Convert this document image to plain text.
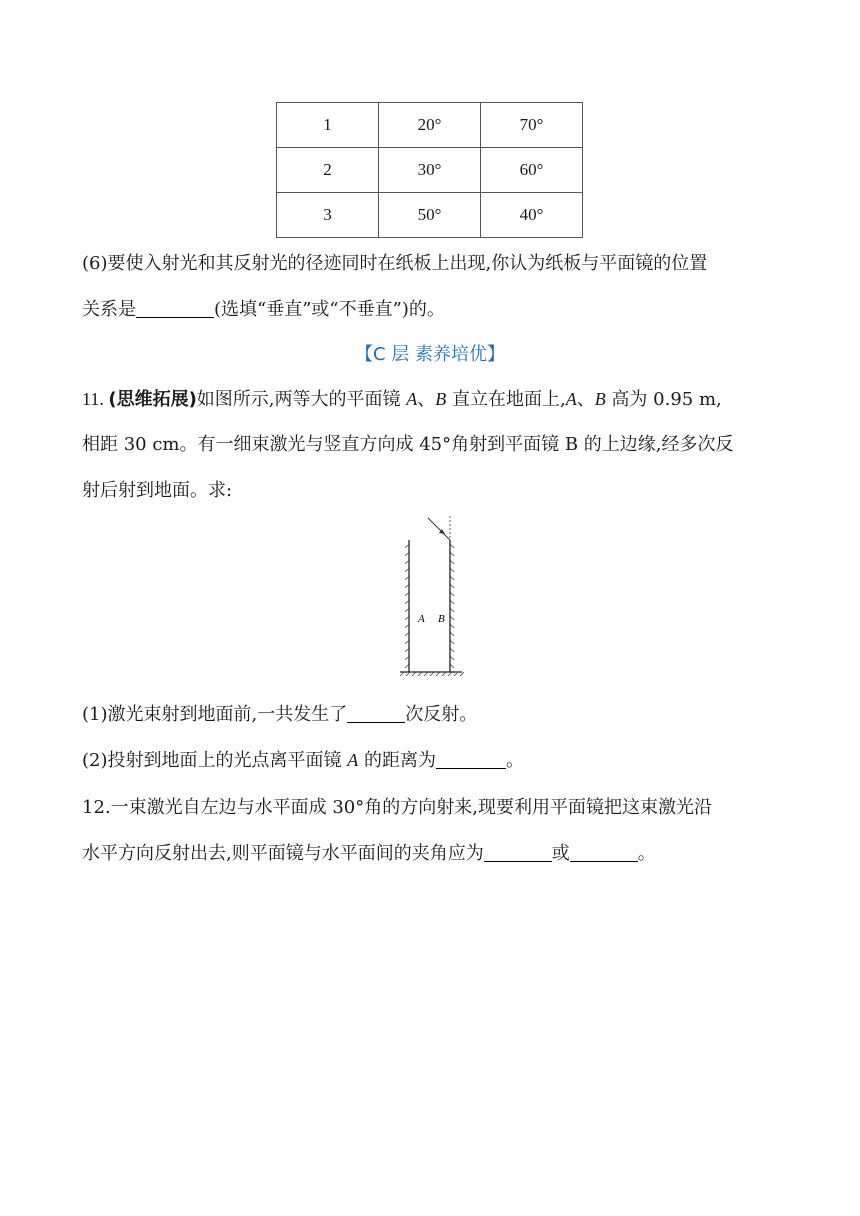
1	20°	70°
2	30°	60°
3	50°	40°
(6)要使入射光和其反射光的径迹同时在纸板上出现,你认为纸板与平面镜的位置
关系是	(选填“垂直”或“不垂直”)的。
【C 层 素养培优】
11. (思维拓展)如图所示,两等大的平面镜 A、B 直立在地面上,A、B 高为 0.95 m,
相距 30 cm。有一细束激光与竖直方向成 45°角射到平面镜 B 的上边缘,经多次反
射后射到地面。求:
A B
(1)激光束射到地面前,一共发生了	次反射。
(2)投射到地面上的光点离平面镜 A 的距离为	。
12.一束激光自左边与水平面成 30°角的方向射来,现要利用平面镜把这束激光沿
水平方向反射出去,则平面镜与水平面间的夹角应为	或	。
